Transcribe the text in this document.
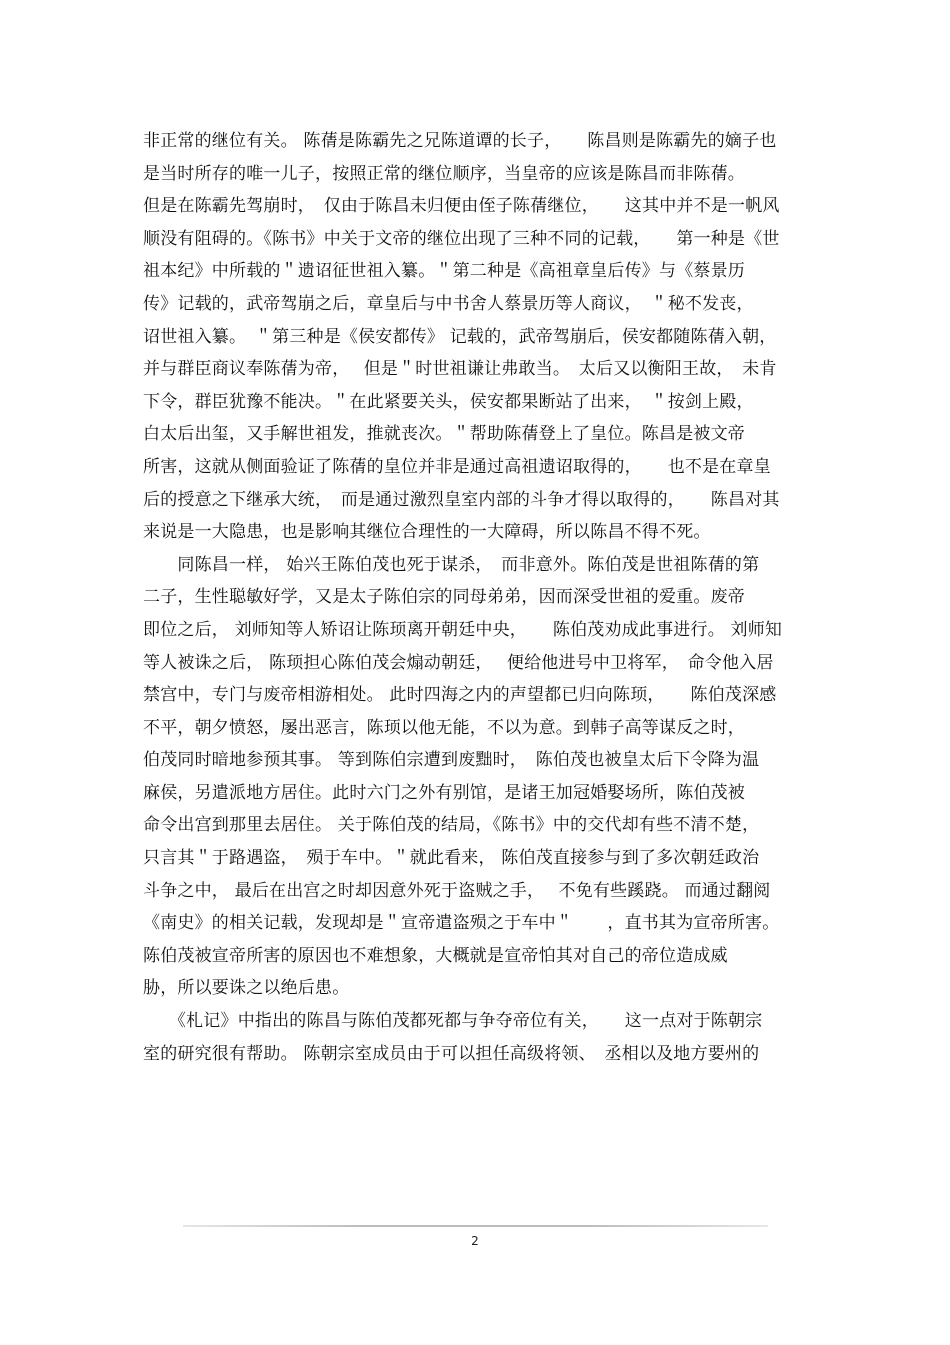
非正常的继位有关。 陈蒨是陈霸先之兄陈道谭的长子，　　陈昌则是陈霸先的嫡子也
是当时所存的唯一儿子，按照正常的继位顺序，当皇帝的应该是陈昌而非陈蒨。
但是在陈霸先驾崩时，　仅由于陈昌未归便由侄子陈蒨继位，　　这其中并不是一帆风
顺没有阻碍的。《陈书》中关于文帝的继位出现了三种不同的记载，　　第一种是《世
祖本纪》中所载的＂遗诏征世祖入纂。＂第二种是《高祖章皇后传》与《蔡景历
传》记载的，武帝驾崩之后，章皇后与中书舍人蔡景历等人商议，　＂秘不发丧，
诏世祖入纂。　＂第三种是《侯安都传》 记载的，武帝驾崩后，侯安都随陈蒨入朝，
并与群臣商议奉陈蒨为帝，　 但是＂时世祖谦让弗敢当。　太后又以衡阳王故，　未肯
下令，群臣犹豫不能决。＂在此紧要关头，侯安都果断站了出来，　＂按剑上殿，
白太后出玺，又手解世祖发，推就丧次。＂帮助陈蒨登上了皇位。陈昌是被文帝
所害，这就从侧面验证了陈蒨的皇位并非是通过高祖遗诏取得的，　　也不是在章皇
后的授意之下继承大统，　而是通过激烈皇室内部的斗争才得以取得的，　　陈昌对其
来说是一大隐患，也是影响其继位合理性的一大障碍，所以陈昌不得不死。
　　同陈昌一样， 始兴王陈伯茂也死于谋杀，　而非意外。陈伯茂是世祖陈蒨的第
二子，生性聪敏好学，又是太子陈伯宗的同母弟弟，因而深受世祖的爱重。废帝
即位之后， 刘师知等人矫诏让陈顼离开朝廷中央，　　陈伯茂劝成此事进行。 刘师知
等人被诛之后， 陈顼担心陈伯茂会煽动朝廷，　 便给他进号中卫将军，　命令他入居
禁宫中，专门与废帝相游相处。 此时四海之内的声望都已归向陈顼，　　陈伯茂深感
不平，朝夕愤怒，屡出恶言，陈顼以他无能，不以为意。到韩子高等谋反之时，
伯茂同时暗地参预其事。 等到陈伯宗遭到废黜时，　陈伯茂也被皇太后下令降为温
麻侯，另遣派地方居住。此时六门之外有别馆，是诸王加冠婚娶场所，陈伯茂被
命令出宫到那里去居住。 关于陈伯茂的结局，《陈书》中的交代却有些不清不楚，
只言其＂于路遇盗，　殒于车中。＂就此看来， 陈伯茂直接参与到了多次朝廷政治
斗争之中， 最后在出宫之时却因意外死于盗贼之手，　 不免有些蹊跷。 而通过翻阅
《南史》的相关记载，发现却是＂宣帝遣盗殒之于车中＂　　，直书其为宣帝所害。
陈伯茂被宣帝所害的原因也不难想象，大概就是宣帝怕其对自己的帝位造成威
胁，所以要诛之以绝后患。
　　《札记》中指出的陈昌与陈伯茂都死都与争夺帝位有关，　　这一点对于陈朝宗
室的研究很有帮助。 陈朝宗室成员由于可以担任高级将领、　丞相以及地方要州的
2
